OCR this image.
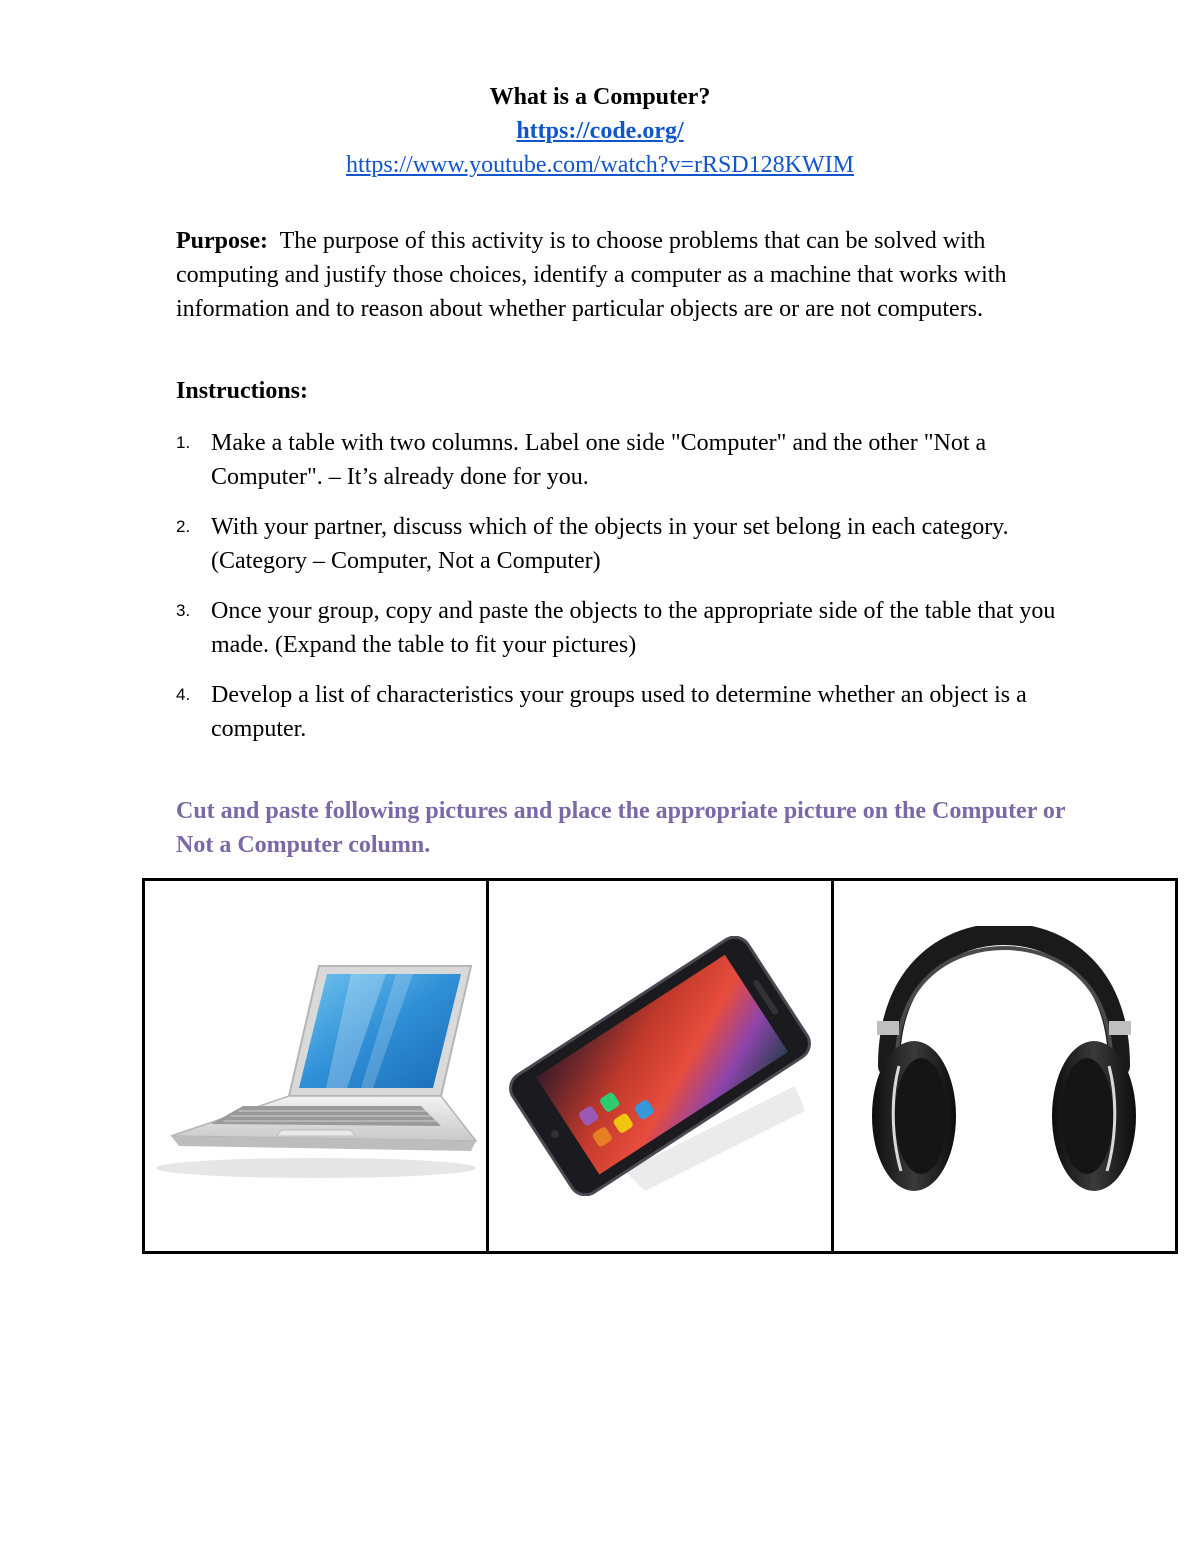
What is a Computer?
https://code.org/
https://www.youtube.com/watch?v=rRSD128KWIM

Purpose: The purpose of this activity is to choose problems that can be solved with computing and justify those choices, identify a computer as a machine that works with information and to reason about whether particular objects are or are not computers.

Instructions:

1. Make a table with two columns. Label one side "Computer" and the other "Not a Computer". – It’s already done for you.
2. With your partner, discuss which of the objects in your set belong in each category. (Category – Computer, Not a Computer)
3. Once your group, copy and paste the objects to the appropriate side of the table that you made. (Expand the table to fit your pictures)
4. Develop a list of characteristics your groups used to determine whether an object is a computer.

Cut and paste following pictures and place the appropriate picture on the Computer or Not a Computer column.
